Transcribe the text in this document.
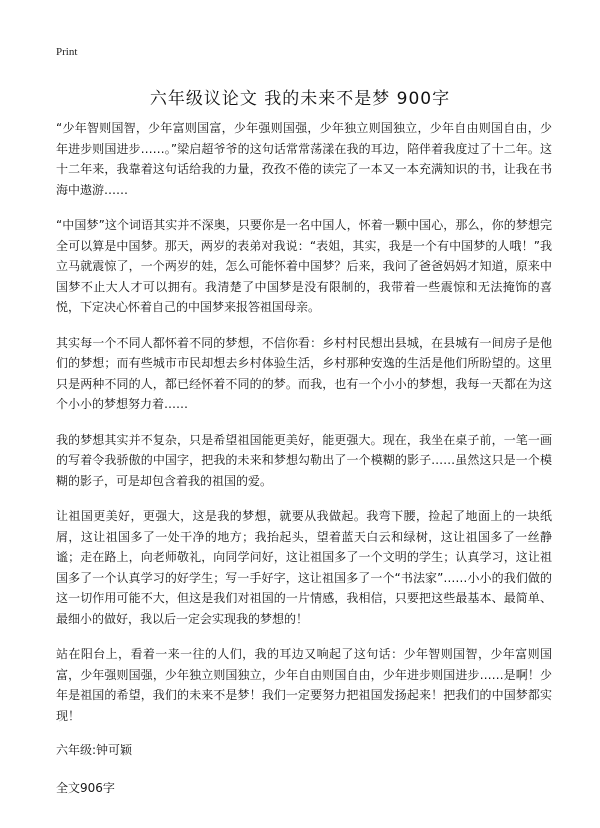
Print
六年级议论文 我的未来不是梦 900字

“少年智则国智，少年富则国富，少年强则国强，少年独立则国独立，少年自由则国自由，少年进步则国进步……。”梁启超爷爷的这句话常常荡漾在我的耳边，陪伴着我度过了十二年。这十二年来，我靠着这句话给我的力量，孜孜不倦的读完了一本又一本充满知识的书，让我在书海中遨游……

“中国梦”这个词语其实并不深奥，只要你是一名中国人，怀着一颗中国心，那么，你的梦想完全可以算是中国梦。那天，两岁的表弟对我说：“表姐，其实，我是一个有中国梦的人哦！”我立马就震惊了，一个两岁的娃，怎么可能怀着中国梦？后来，我问了爸爸妈妈才知道，原来中国梦不止大人才可以拥有。我清楚了中国梦是没有限制的，我带着一些震惊和无法掩饰的喜悦，下定决心怀着自己的中国梦来报答祖国母亲。

其实每一个不同人都怀着不同的梦想，不信你看：乡村村民想出县城，在县城有一间房子是他们的梦想；而有些城市市民却想去乡村体验生活，乡村那种安逸的生活是他们所盼望的。这里只是两种不同的人，都已经怀着不同的的梦。而我，也有一个小小的梦想，我每一天都在为这个小小的梦想努力着……

我的梦想其实并不复杂，只是希望祖国能更美好，能更强大。现在，我坐在桌子前，一笔一画的写着令我骄傲的中国字，把我的未来和梦想勾勒出了一个模糊的影子……虽然这只是一个模糊的影子，可是却包含着我的祖国的爱。

让祖国更美好，更强大，这是我的梦想，就要从我做起。我弯下腰，捡起了地面上的一块纸屑，这让祖国多了一处干净的地方；我抬起头，望着蓝天白云和绿树，这让祖国多了一丝静谧；走在路上，向老师敬礼，向同学问好，这让祖国多了一个文明的学生；认真学习，这让祖国多了一个认真学习的好学生；写一手好字，这让祖国多了一个“书法家”……小小的我们做的这一切作用可能不大，但这是我们对祖国的一片情感，我相信，只要把这些最基本、最简单、最细小的做好，我以后一定会实现我的梦想的！

站在阳台上，看着一来一往的人们，我的耳边又响起了这句话：少年智则国智，少年富则国富，少年强则国强，少年独立则国独立，少年自由则国自由，少年进步则国进步……是啊！少年是祖国的希望，我们的未来不是梦！我们一定要努力把祖国发扬起来！把我们的中国梦都实现！

六年级:钟可颖

全文906字
